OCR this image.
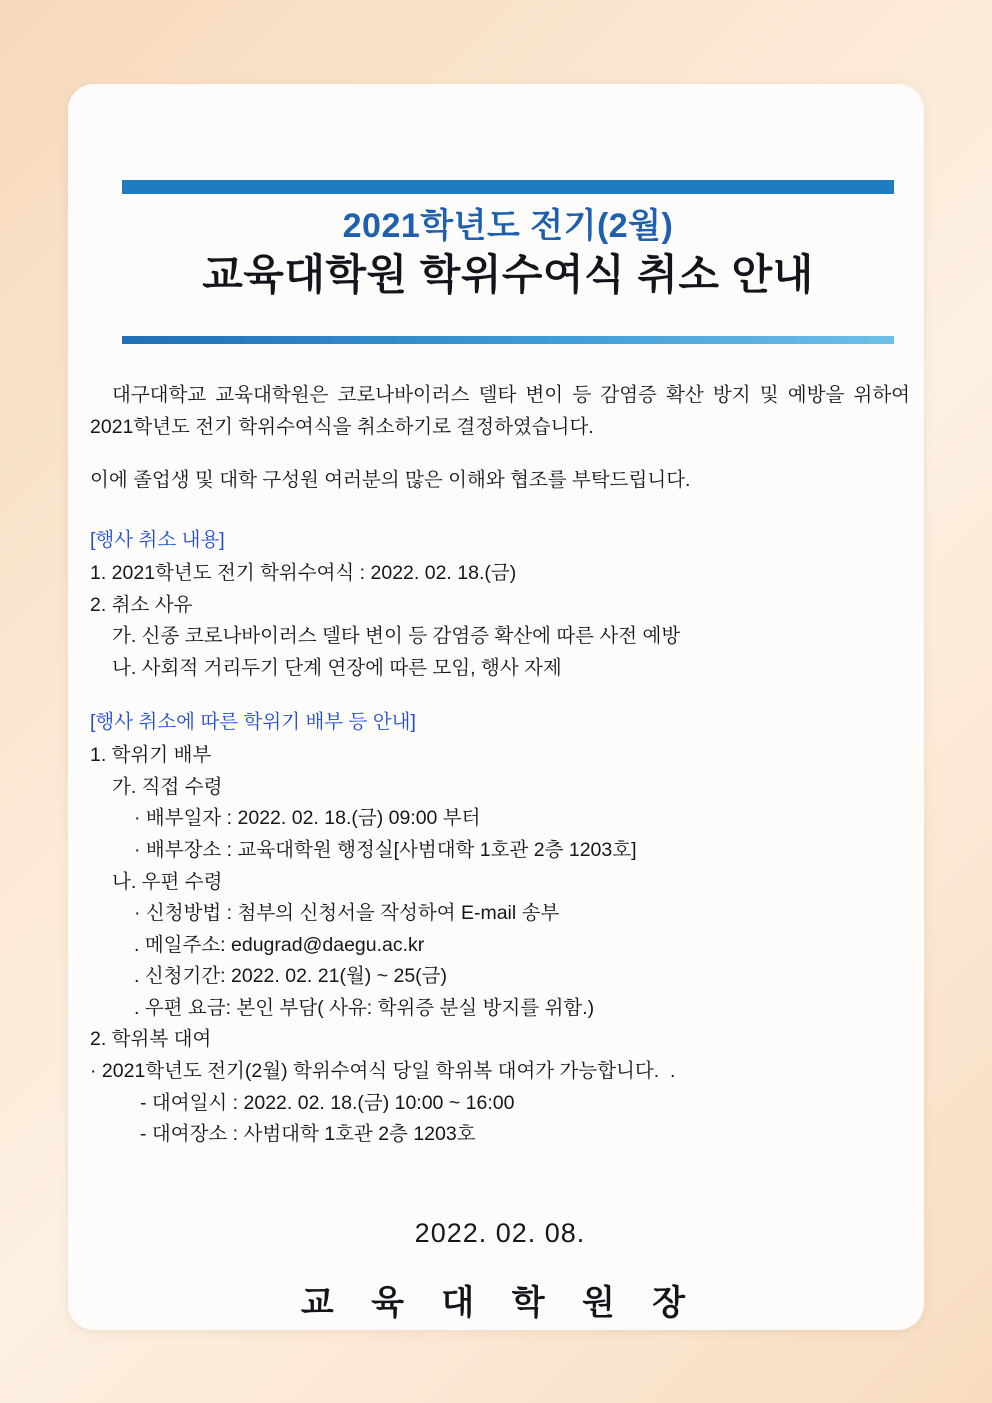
2021학년도 전기(2월)
교육대학원 학위수여식 취소 안내

대구대학교 교육대학원은 코로나바이러스 델타 변이 등 감염증 확산 방지 및 예방을 위하여 2021학년도 전기 학위수여식을 취소하기로 결정하였습니다.

이에 졸업생 및 대학 구성원 여러분의 많은 이해와 협조를 부탁드립니다.

[행사 취소 내용]

1. 2021학년도 전기 학위수여식 : 2022. 02. 18.(금)

2. 취소 사유

가. 신종 코로나바이러스 델타 변이 등 감염증 확산에 따른 사전 예방

나. 사회적 거리두기 단계 연장에 따른 모임, 행사 자제

[행사 취소에 따른 학위기 배부 등 안내]

1. 학위기 배부

가. 직접 수령

· 배부일자 : 2022. 02. 18.(금) 09:00 부터

· 배부장소 : 교육대학원 행정실[사범대학 1호관 2층 1203호]

나. 우편 수령

· 신청방법 : 첨부의 신청서을 작성하여 E-mail 송부

. 메일주소: edugrad@daegu.ac.kr

. 신청기간: 2022. 02. 21(월) ~ 25(금)

. 우편 요금: 본인 부담( 사유: 학위증 분실 방지를 위함.)

2. 학위복 대여

· 2021학년도 전기(2월) 학위수여식 당일 학위복 대여가 가능합니다.  .

- 대여일시 : 2022. 02. 18.(금) 10:00 ~ 16:00

- 대여장소 : 사범대학 1호관 2층 1203호

2022. 02. 08.
교 육 대 학 원 장
